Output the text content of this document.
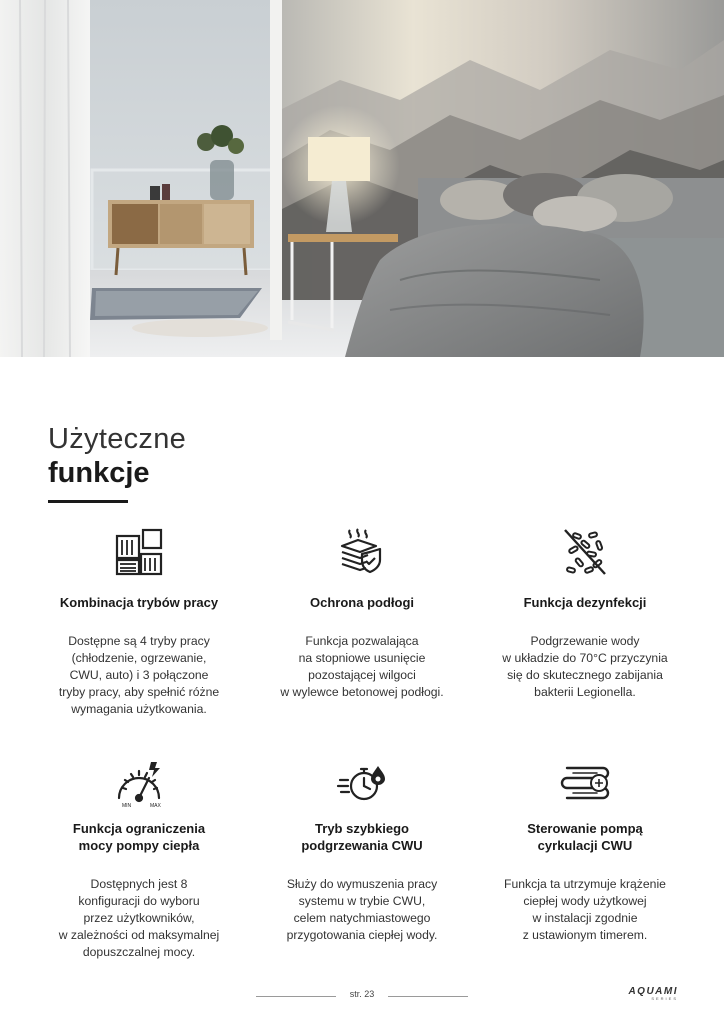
Użyteczne
funkcje
Kombinacja trybów pracy
Dostępne są 4 tryby pracy
(chłodzenie, ogrzewanie,
CWU, auto) i 3 połączone
tryby pracy, aby spełnić różne
wymagania użytkowania.
Ochrona podłogi
Funkcja pozwalająca
na stopniowe usunięcie
pozostającej wilgoci
w wylewce betonowej podłogi.
Funkcja dezynfekcji
Podgrzewanie wody
w układzie do 70°C przyczynia
się do skutecznego zabijania
bakterii Legionella.
MIN	MAX
Funkcja ograniczenia
mocy pompy ciepła
Dostępnych jest 8
konfiguracji do wyboru
przez użytkowników,
w zależności od maksymalnej
dopuszczalnej mocy.
Tryb szybkiego
podgrzewania CWU
Służy do wymuszenia pracy
systemu w trybie CWU,
celem natychmiastowego
przygotowania ciepłej wody.
Sterowanie pompą
cyrkulacji CWU
Funkcja ta utrzymuje krążenie
ciepłej wody użytkowej
w instalacji zgodnie
z ustawionym timerem.
str. 23	AQUAMI
SERIES
